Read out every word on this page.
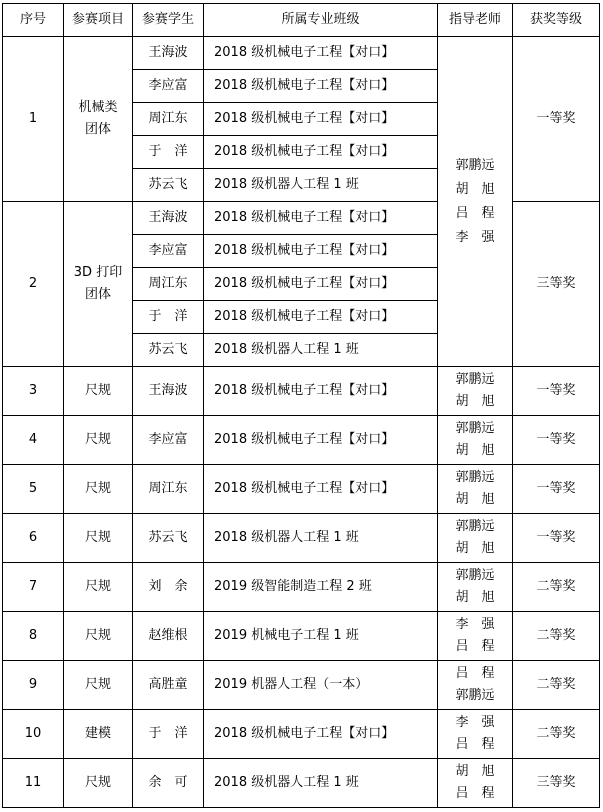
序号	参赛项目	参赛学生	所属专业班级	指导老师	获奖等级
1	机械类
团体	王海波	2018 级机械电子工程【对口】	郭鹏远
胡　旭
吕　程
李　强	一等奖
		李应富	2018 级机械电子工程【对口】		
		周江东	2018 级机械电子工程【对口】		
		于　洋	2018 级机械电子工程【对口】		
		苏云飞	2018 级机器人工程 1 班		
2	3D 打印
团体	王海波	2018 级机械电子工程【对口】		三等奖
		李应富	2018 级机械电子工程【对口】		
		周江东	2018 级机械电子工程【对口】		
		于　洋	2018 级机械电子工程【对口】		
		苏云飞	2018 级机器人工程 1 班		
3	尺规	王海波	2018 级机械电子工程【对口】	郭鹏远
胡　旭	一等奖
4	尺规	李应富	2018 级机械电子工程【对口】	郭鹏远
胡　旭	一等奖
5	尺规	周江东	2018 级机械电子工程【对口】	郭鹏远
胡　旭	一等奖
6	尺规	苏云飞	2018 级机器人工程 1 班	郭鹏远
胡　旭	一等奖
7	尺规	刘　余	2019 级智能制造工程 2 班	郭鹏远
胡　旭	二等奖
8	尺规	赵维根	2019 机械电子工程 1 班	李　强
吕　程	二等奖
9	尺规	高胜童	2019 机器人工程（一本）	吕　程
郭鹏远	二等奖
10	建模	于　洋	2018 级机械电子工程【对口】	李　强
吕　程	二等奖
11	尺规	余　可	2018 级机器人工程 1 班	胡　旭
吕　程	三等奖
